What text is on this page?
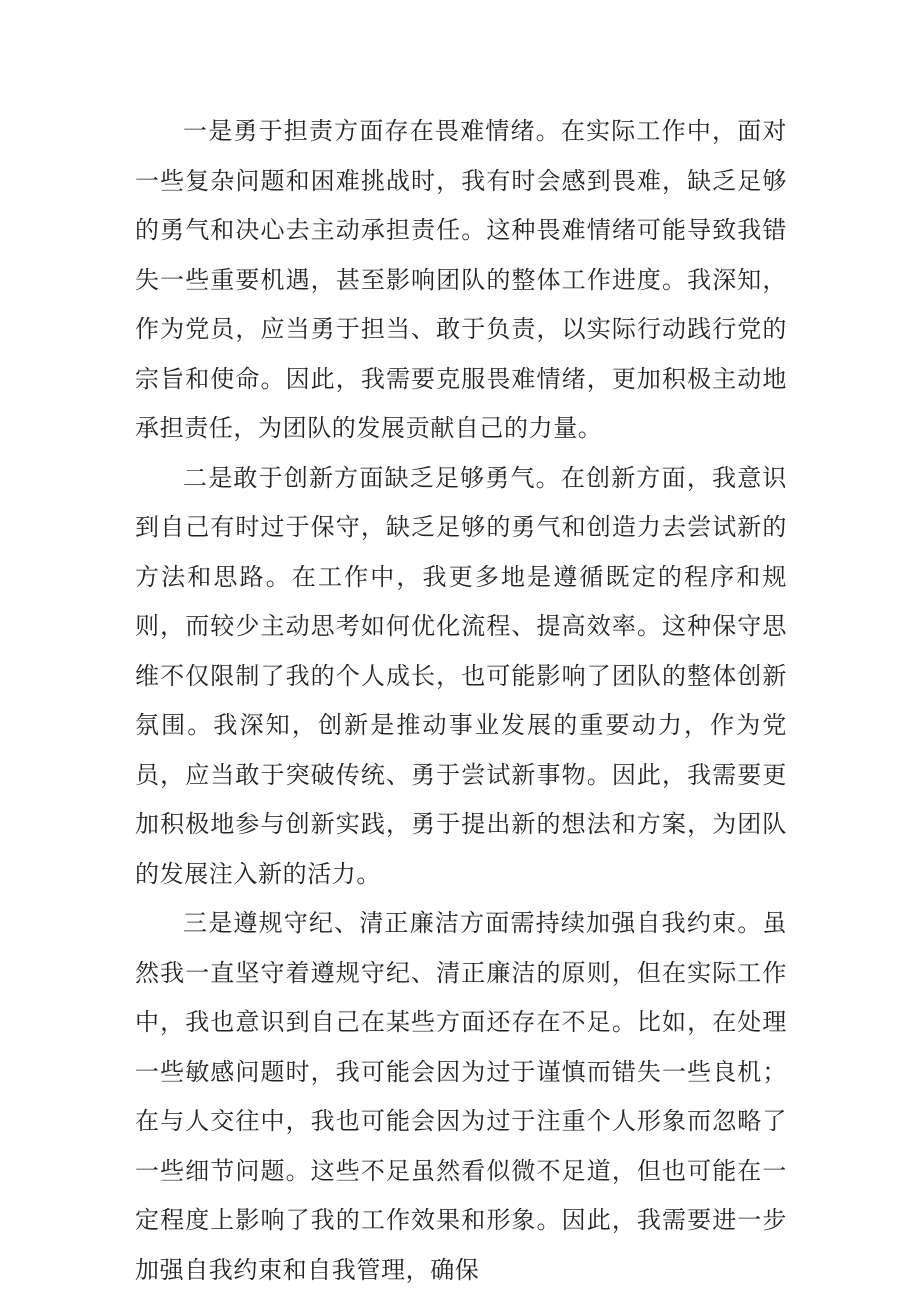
一是勇于担责方面存在畏难情绪。在实际工作中，面对一些复杂问题和困难挑战时，我有时会感到畏难，缺乏足够的勇气和决心去主动承担责任。这种畏难情绪可能导致我错失一些重要机遇，甚至影响团队的整体工作进度。我深知，作为党员，应当勇于担当、敢于负责，以实际行动践行党的宗旨和使命。因此，我需要克服畏难情绪，更加积极主动地承担责任，为团队的发展贡献自己的力量。

二是敢于创新方面缺乏足够勇气。在创新方面，我意识到自己有时过于保守，缺乏足够的勇气和创造力去尝试新的方法和思路。在工作中，我更多地是遵循既定的程序和规则，而较少主动思考如何优化流程、提高效率。这种保守思维不仅限制了我的个人成长，也可能影响了团队的整体创新氛围。我深知，创新是推动事业发展的重要动力，作为党员，应当敢于突破传统、勇于尝试新事物。因此，我需要更加积极地参与创新实践，勇于提出新的想法和方案，为团队的发展注入新的活力。

三是遵规守纪、清正廉洁方面需持续加强自我约束。虽然我一直坚守着遵规守纪、清正廉洁的原则，但在实际工作中，我也意识到自己在某些方面还存在不足。比如，在处理一些敏感问题时，我可能会因为过于谨慎而错失一些良机；在与人交往中，我也可能会因为过于注重个人形象而忽略了一些细节问题。这些不足虽然看似微不足道，但也可能在一定程度上影响了我的工作效果和形象。因此，我需要进一步加强自我约束和自我管理，确保
